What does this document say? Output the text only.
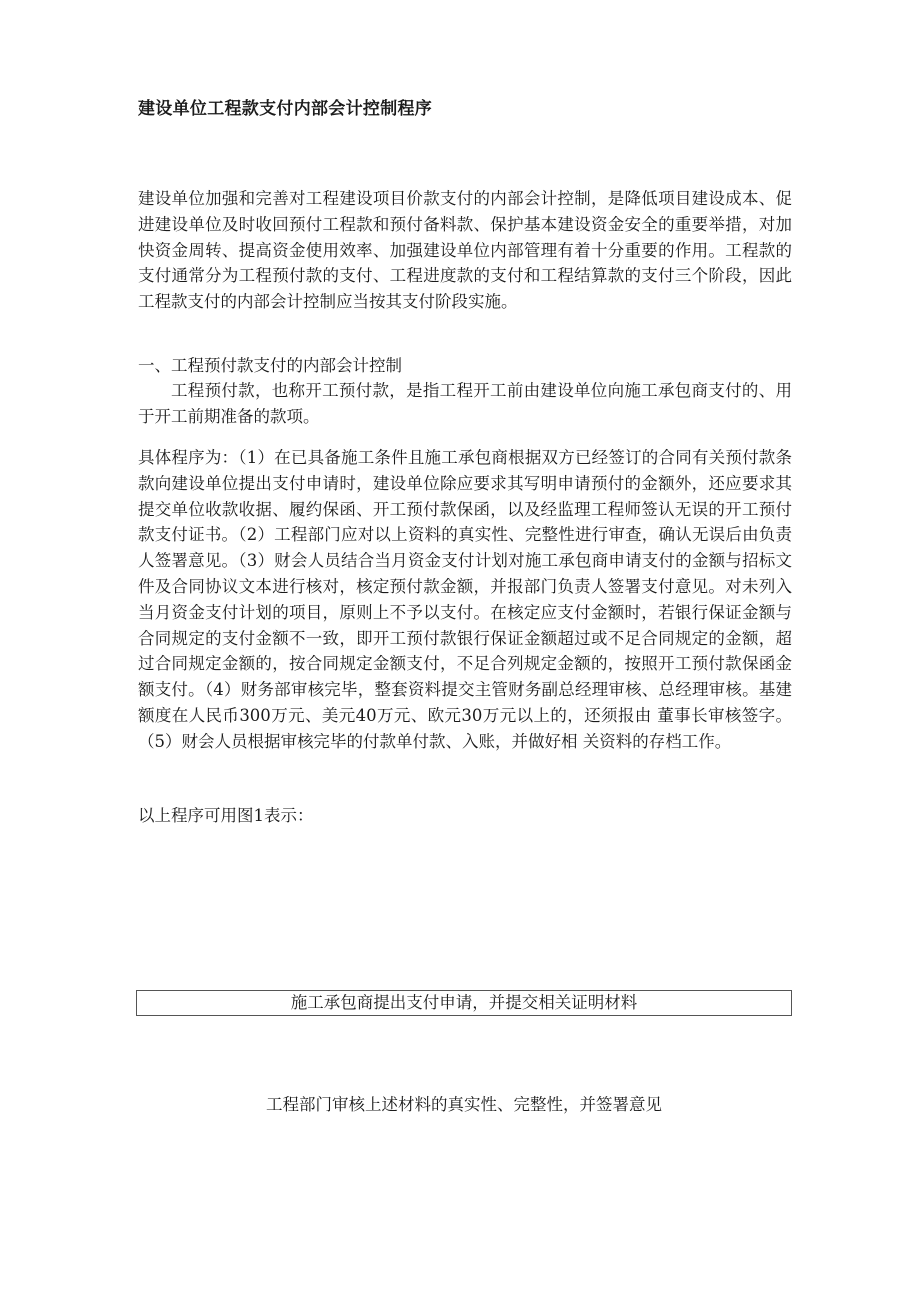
建设单位工程款支付内部会计控制程序

建设单位加强和完善对工程建设项目价款支付的内部会计控制，是降低项目建设成本、促进建设单位及时收回预付工程款和预付备料款、保护基本建设资金安全的重要举措，对加快资金周转、提高资金使用效率、加强建设单位内部管理有着十分重要的作用。工程款的支付通常分为工程预付款的支付、工程进度款的支付和工程结算款的支付三个阶段，因此工程款支付的内部会计控制应当按其支付阶段实施。

一、工程预付款支付的内部会计控制

工程预付款，也称开工预付款，是指工程开工前由建设单位向施工承包商支付的、用于开工前期准备的款项。

具体程序为：（1）在已具备施工条件且施工承包商根据双方已经签订的合同有关预付款条款向建设单位提出支付申请时，建设单位除应要求其写明申请预付的金额外，还应要求其提交单位收款收据、履约保函、开工预付款保函，以及经监理工程师签认无误的开工预付款支付证书。（2）工程部门应对以上资料的真实性、完整性进行审查，确认无误后由负责人签署意见。（3）财会人员结合当月资金支付计划对施工承包商申请支付的金额与招标文件及合同协议文本进行核对，核定预付款金额，并报部门负责人签署支付意见。对未列入当月资金支付计划的项目，原则上不予以支付。在核定应支付金额时，若银行保证金额与合同规定的支付金额不一致，即开工预付款银行保证金额超过或不足合同规定的金额，超过合同规定金额的，按合同规定金额支付，不足合列规定金额的，按照开工预付款保函金额支付。（4）财务部审核完毕，整套资料提交主管财务副总经理审核、总经理审核。基建额度在人民币300万元、美元40万元、欧元30万元以上的，还须报由 董事长审核签字。（5）财会人员根据审核完毕的付款单付款、入账，并做好相 关资料的存档工作。

以上程序可用图1表示：

施工承包商提出支付申请，并提交相关证明材料
工程部门审核上述材料的真实性、完整性，并签署意见
